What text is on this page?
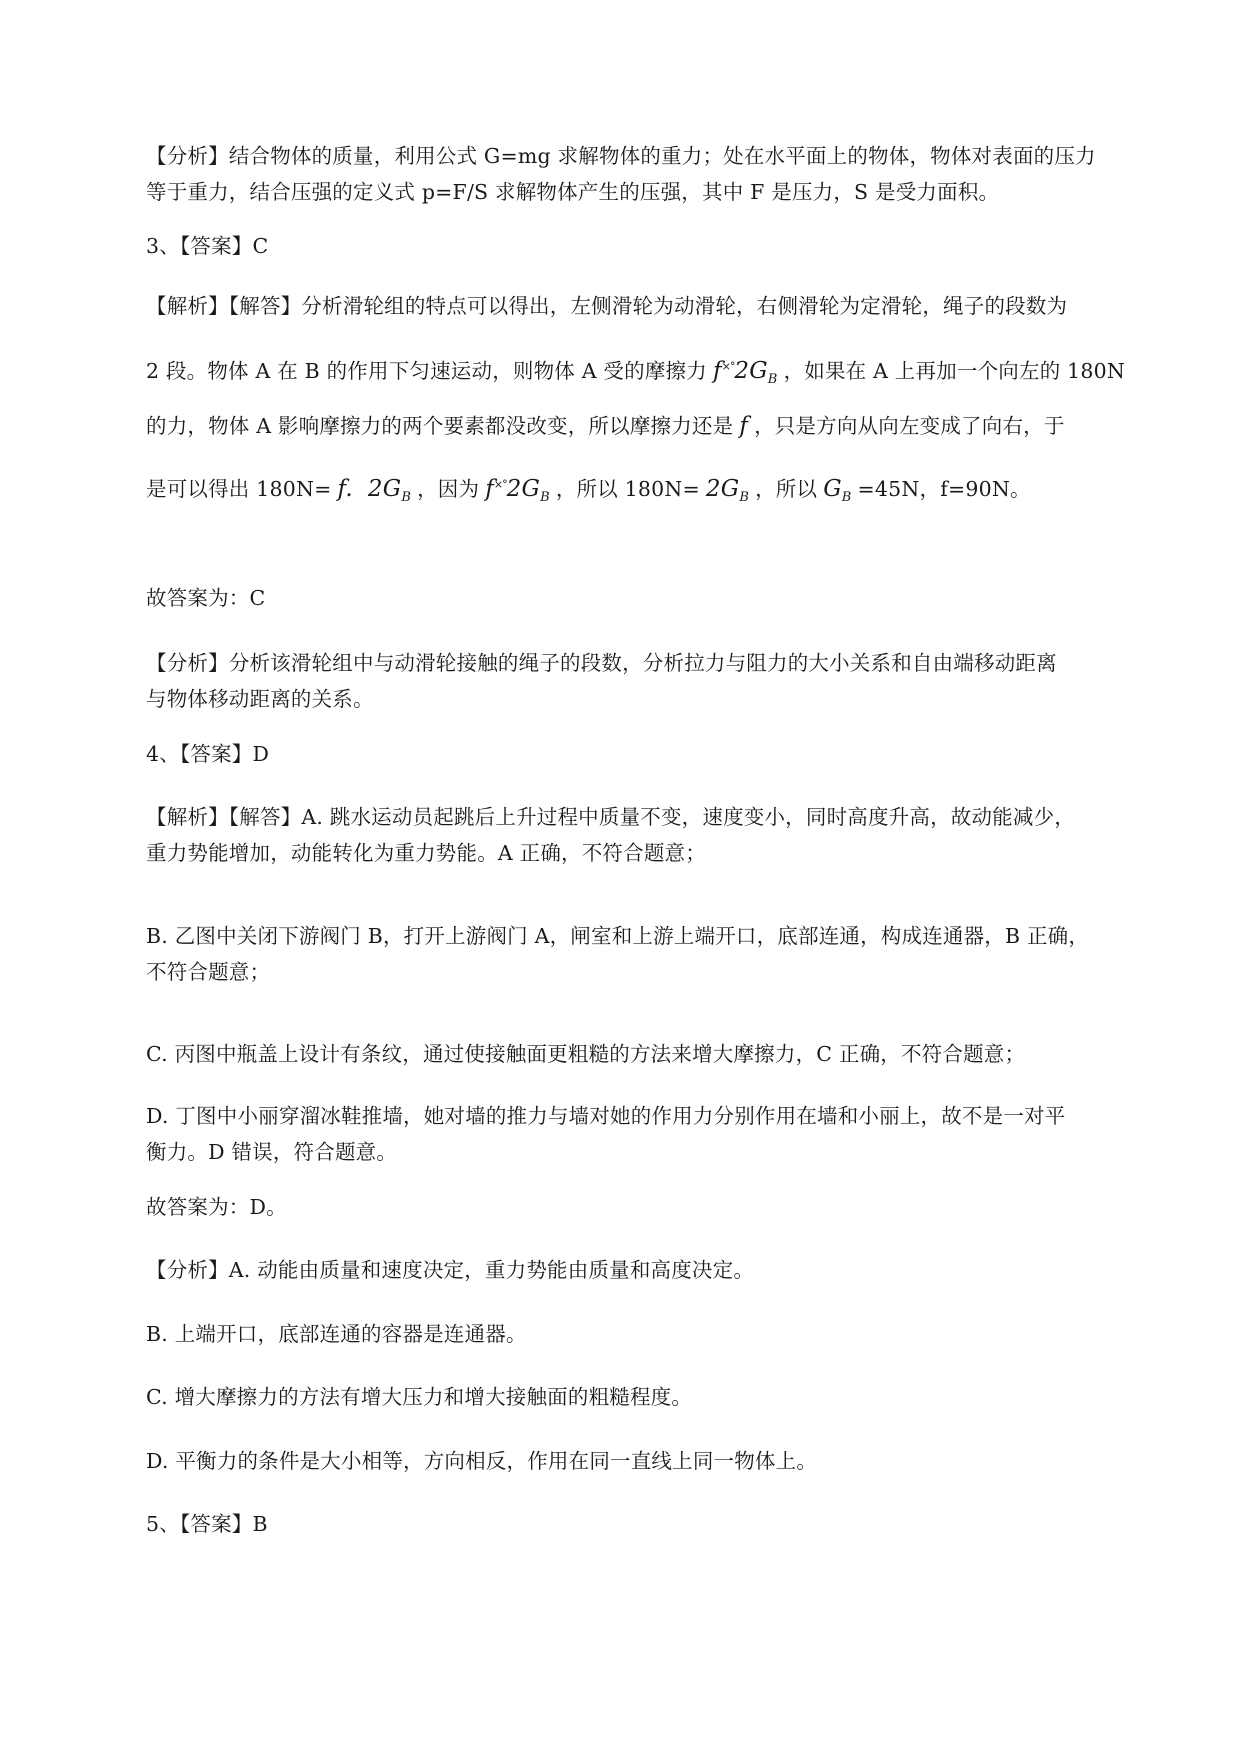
【分析】结合物体的质量，利用公式 G=mg 求解物体的重力；处在水平面上的物体，物体对表面的压力
等于重力，结合压强的定义式 p=F/S 求解物体产生的压强，其中 F 是压力，S 是受力面积。
3、【答案】C
【解析】【解答】分析滑轮组的特点可以得出，左侧滑轮为动滑轮，右侧滑轮为定滑轮，绳子的段数为
2 段。物体 A 在 B 的作用下匀速运动，则物体 A 受的摩擦力 $f^{\times^\circ}2G_B$ ，如果在 A 上再加一个向左的 180N
的力，物体 A 影响摩擦力的两个要素都没改变，所以摩擦力还是 f ，只是方向从向左变成了向右，于
是可以得出 180N= f. $2G_B$ ，因为 $f^{\times^\circ}2G_B$ ，所以 $180N= 2G_B$ ，所以 $G_B =45N$，f=90N。
故答案为：C
【分析】分析该滑轮组中与动滑轮接触的绳子的段数，分析拉力与阻力的大小关系和自由端移动距离
与物体移动距离的关系。
4、【答案】D
【解析】【解答】A. 跳水运动员起跳后上升过程中质量不变，速度变小，同时高度升高，故动能减少，
重力势能增加，动能转化为重力势能。A 正确，不符合题意；
B. 乙图中关闭下游阀门 B，打开上游阀门 A，闸室和上游上端开口，底部连通，构成连通器，B 正确，
不符合题意；
C. 丙图中瓶盖上设计有条纹，通过使接触面更粗糙的方法来增大摩擦力，C 正确，不符合题意；
D. 丁图中小丽穿溜冰鞋推墙，她对墙的推力与墙对她的作用力分别作用在墙和小丽上，故不是一对平
衡力。D 错误，符合题意。
故答案为：D。
【分析】A. 动能由质量和速度决定，重力势能由质量和高度决定。
B. 上端开口，底部连通的容器是连通器。
C. 增大摩擦力的方法有增大压力和增大接触面的粗糙程度。
D. 平衡力的条件是大小相等，方向相反，作用在同一直线上同一物体上。
5、【答案】B
